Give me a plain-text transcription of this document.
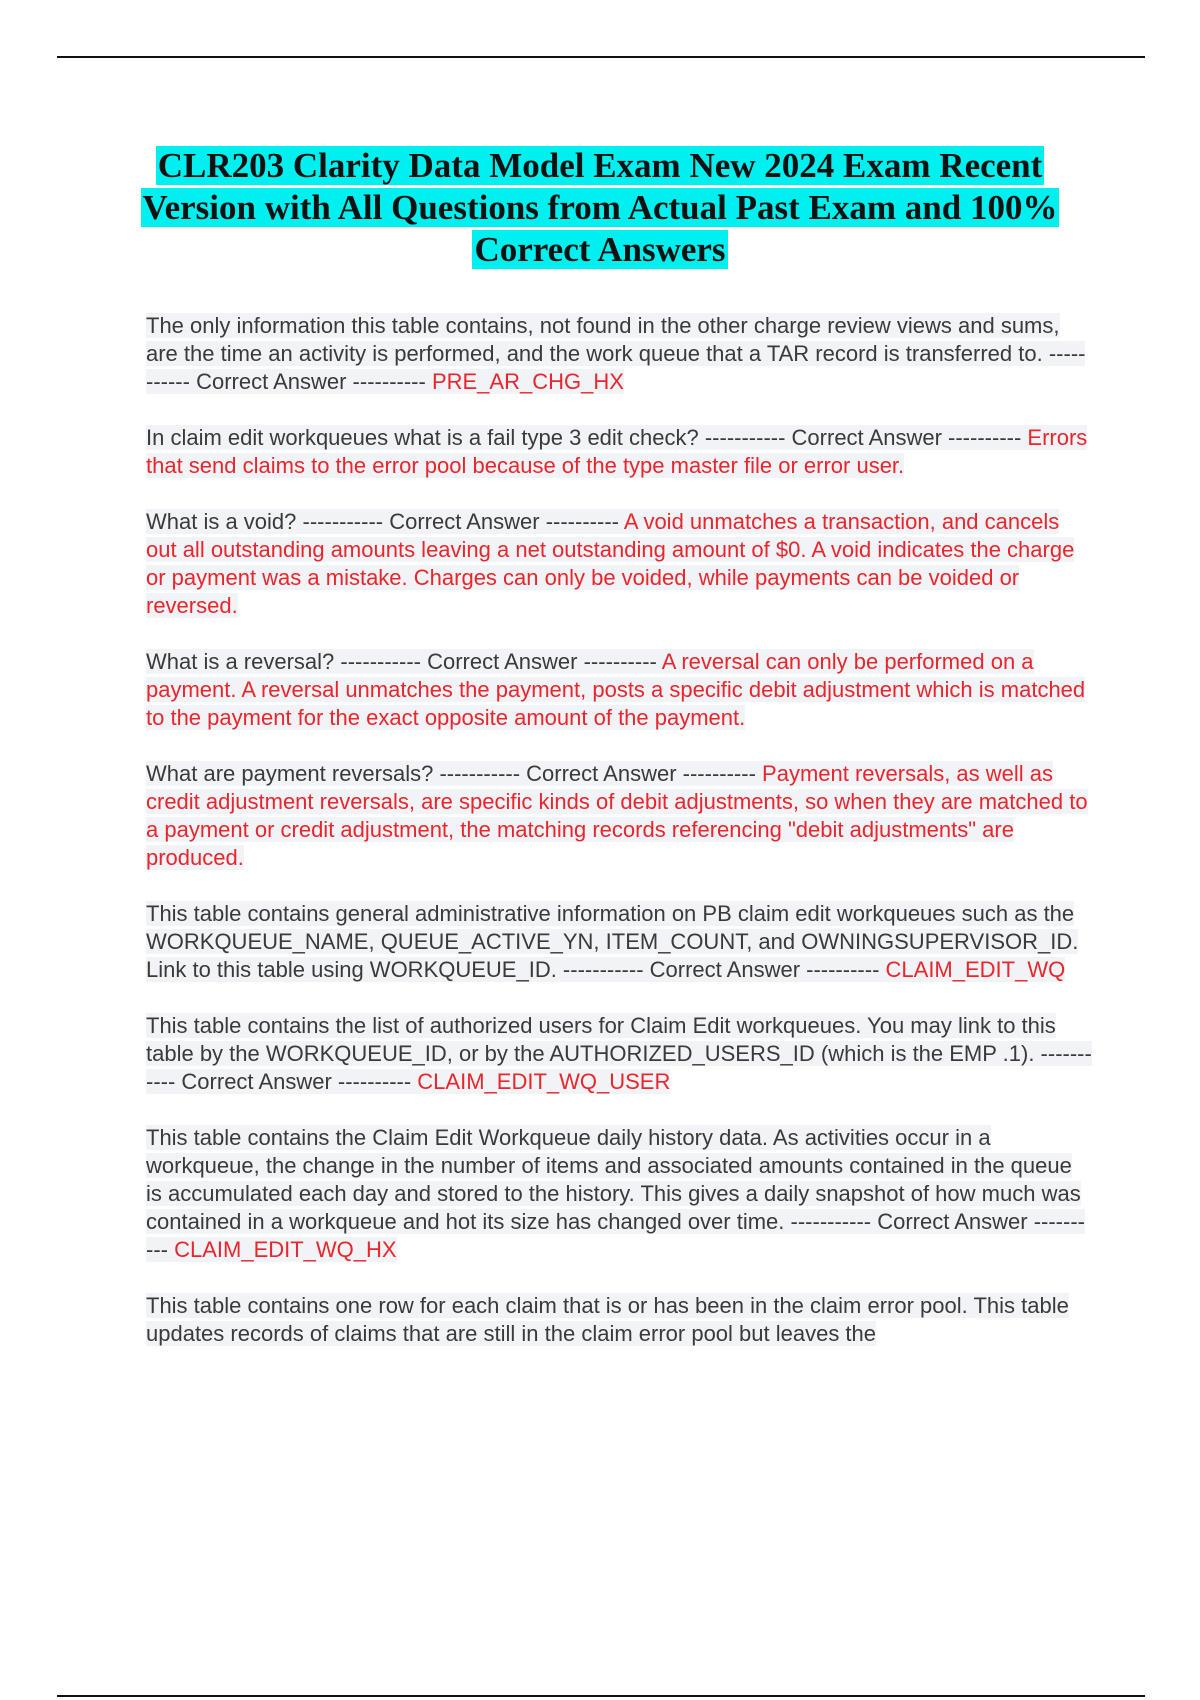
CLR203 Clarity Data Model Exam New 2024 Exam Recent Version with All Questions from Actual Past Exam and 100% Correct Answers

The only information this table contains, not found in the other charge review views and sums, are the time an activity is performed, and the work queue that a TAR record is transferred to. ----------- Correct Answer ---------- PRE_AR_CHG_HX

In claim edit workqueues what is a fail type 3 edit check? ----------- Correct Answer ---------- Errors that send claims to the error pool because of the type master file or error user.

What is a void? ----------- Correct Answer ---------- A void unmatches a transaction, and cancels out all outstanding amounts leaving a net outstanding amount of $0. A void indicates the charge or payment was a mistake. Charges can only be voided, while payments can be voided or reversed.

What is a reversal? ----------- Correct Answer ---------- A reversal can only be performed on a payment. A reversal unmatches the payment, posts a specific debit adjustment which is matched to the payment for the exact opposite amount of the payment.

What are payment reversals? ----------- Correct Answer ---------- Payment reversals, as well as credit adjustment reversals, are specific kinds of debit adjustments, so when they are matched to a payment or credit adjustment, the matching records referencing "debit adjustments" are produced.

This table contains general administrative information on PB claim edit workqueues such as the WORKQUEUE_NAME, QUEUE_ACTIVE_YN, ITEM_COUNT, and OWNINGSUPERVISOR_ID. Link to this table using WORKQUEUE_ID. ----------- Correct Answer ---------- CLAIM_EDIT_WQ

This table contains the list of authorized users for Claim Edit workqueues. You may link to this table by the WORKQUEUE_ID, or by the AUTHORIZED_USERS_ID (which is the EMP .1). ----------- Correct Answer ---------- CLAIM_EDIT_WQ_USER

This table contains the Claim Edit Workqueue daily history data. As activities occur in a workqueue, the change in the number of items and associated amounts contained in the queue is accumulated each day and stored to the history. This gives a daily snapshot of how much was contained in a workqueue and hot its size has changed over time. ----------- Correct Answer ---------- CLAIM_EDIT_WQ_HX

This table contains one row for each claim that is or has been in the claim error pool. This table updates records of claims that are still in the claim error pool but leaves the
